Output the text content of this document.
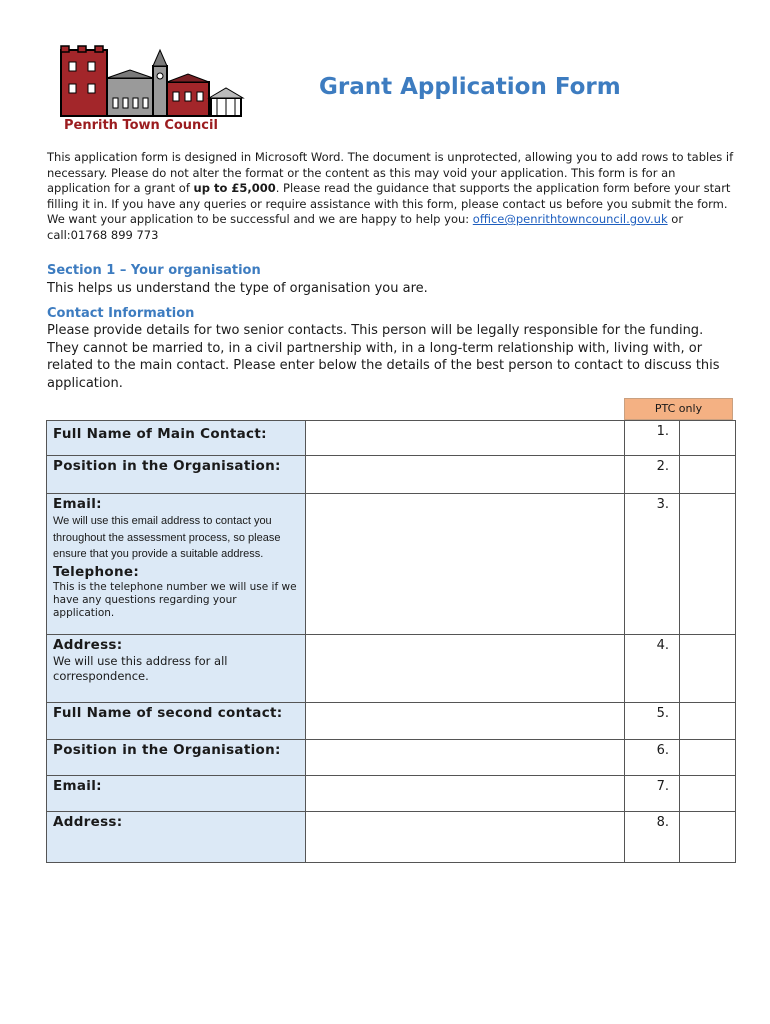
Penrith Town Council
Grant Application Form
This application form is designed in Microsoft Word. The document is unprotected, allowing you to add rows to tables if necessary. Please do not alter the format or the content as this may void your application. This form is for an application for a grant of up to £5,000. Please read the guidance that supports the application form before your start filling it in. If you have any queries or require assistance with this form, please contact us before you submit the form. We want your application to be successful and we are happy to help you: office@penrithtowncouncil.gov.uk or call:01768 899 773
Section 1 – Your organisation
This helps us understand the type of organisation you are.
Contact Information
Please provide details for two senior contacts. This person will be legally responsible for the funding. They cannot be married to, in a civil partnership with, in a long-term relationship with, living with, or related to the main contact. Please enter below the details of the best person to contact to discuss this application.
PTC only
Full Name of Main Contact:		1.	

Position in the Organisation:		2.	

Email:
We will use this email address to contact you throughout the assessment process, so please ensure that you provide a suitable address.
Telephone:
This is the telephone number we will use if we have any questions regarding your application.		3.	

Address:
We will use this address for all correspondence.		4.	

Full Name of second contact:		5.	

Position in the Organisation:		6.	

Email:		7.	

Address:		8.	
